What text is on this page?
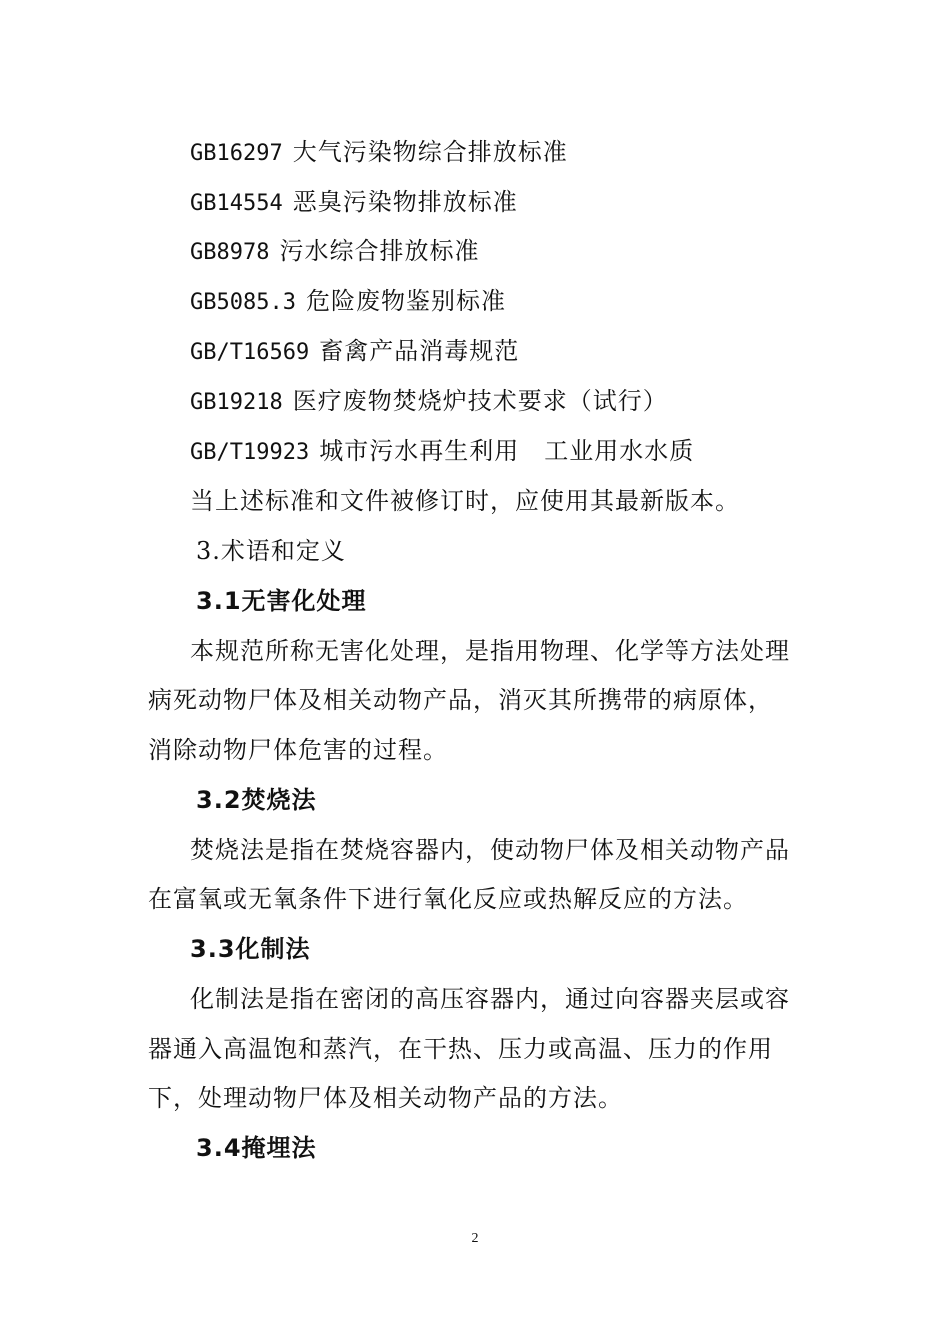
GB16297 大气污染物综合排放标准
GB14554 恶臭污染物排放标准
GB8978 污水综合排放标准
GB5085.3 危险废物鉴别标准
GB/T16569 畜禽产品消毒规范
GB19218 医疗废物焚烧炉技术要求（试行）
GB/T19923 城市污水再生利用　工业用水水质
当上述标准和文件被修订时，应使用其最新版本。
3.术语和定义
3.1无害化处理
本规范所称无害化处理，是指用物理、化学等方法处理
病死动物尸体及相关动物产品，消灭其所携带的病原体，
消除动物尸体危害的过程。
3.2焚烧法
焚烧法是指在焚烧容器内，使动物尸体及相关动物产品
在富氧或无氧条件下进行氧化反应或热解反应的方法。
3.3化制法
化制法是指在密闭的高压容器内，通过向容器夹层或容
器通入高温饱和蒸汽，在干热、压力或高温、压力的作用
下，处理动物尸体及相关动物产品的方法。
3.4掩埋法
2
